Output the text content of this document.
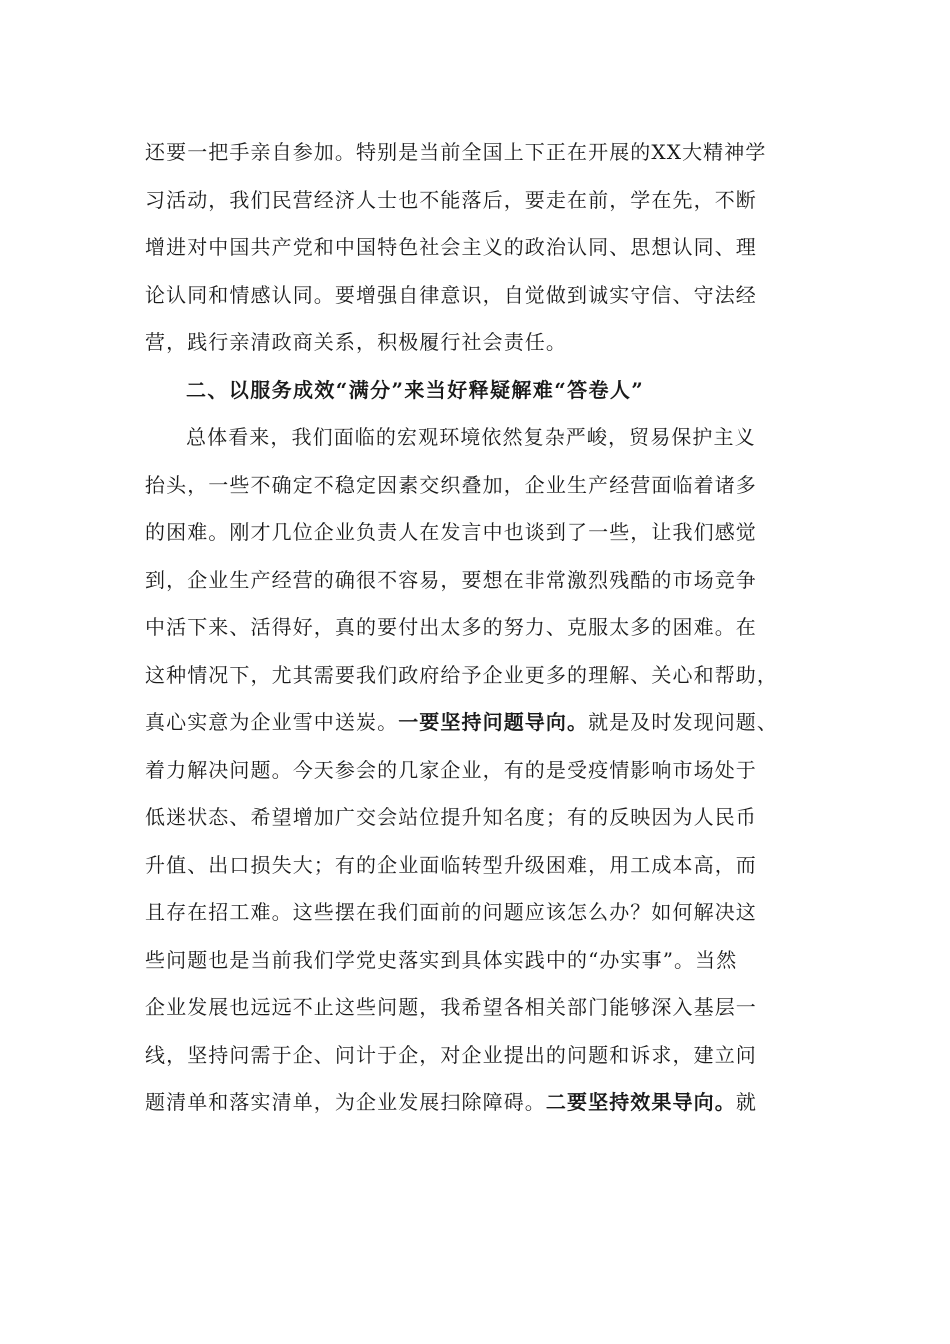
还要一把手亲自参加。特别是当前全国上下正在开展的XX大精神学
习活动，我们民营经济人士也不能落后，要走在前，学在先，不断
增进对中国共产党和中国特色社会主义的政治认同、思想认同、理
论认同和情感认同。要增强自律意识，自觉做到诚实守信、守法经
营，践行亲清政商关系，积极履行社会责任。
二、以服务成效“满分”来当好释疑解难“答卷人”
总体看来，我们面临的宏观环境依然复杂严峻，贸易保护主义
抬头，一些不确定不稳定因素交织叠加，企业生产经营面临着诸多
的困难。刚才几位企业负责人在发言中也谈到了一些，让我们感觉
到，企业生产经营的确很不容易，要想在非常激烈残酷的市场竞争
中活下来、活得好，真的要付出太多的努力、克服太多的困难。在
这种情况下，尤其需要我们政府给予企业更多的理解、关心和帮助，
真心实意为企业雪中送炭。一要坚持问题导向。就是及时发现问题、
着力解决问题。今天参会的几家企业，有的是受疫情影响市场处于
低迷状态、希望增加广交会站位提升知名度；有的反映因为人民币
升值、出口损失大；有的企业面临转型升级困难，用工成本高，而
且存在招工难。这些摆在我们面前的问题应该怎么办？如何解决这
些问题也是当前我们学党史落实到具体实践中的“办实事”。当然
企业发展也远远不止这些问题，我希望各相关部门能够深入基层一
线，坚持问需于企、问计于企，对企业提出的问题和诉求，建立问
题清单和落实清单，为企业发展扫除障碍。二要坚持效果导向。就
